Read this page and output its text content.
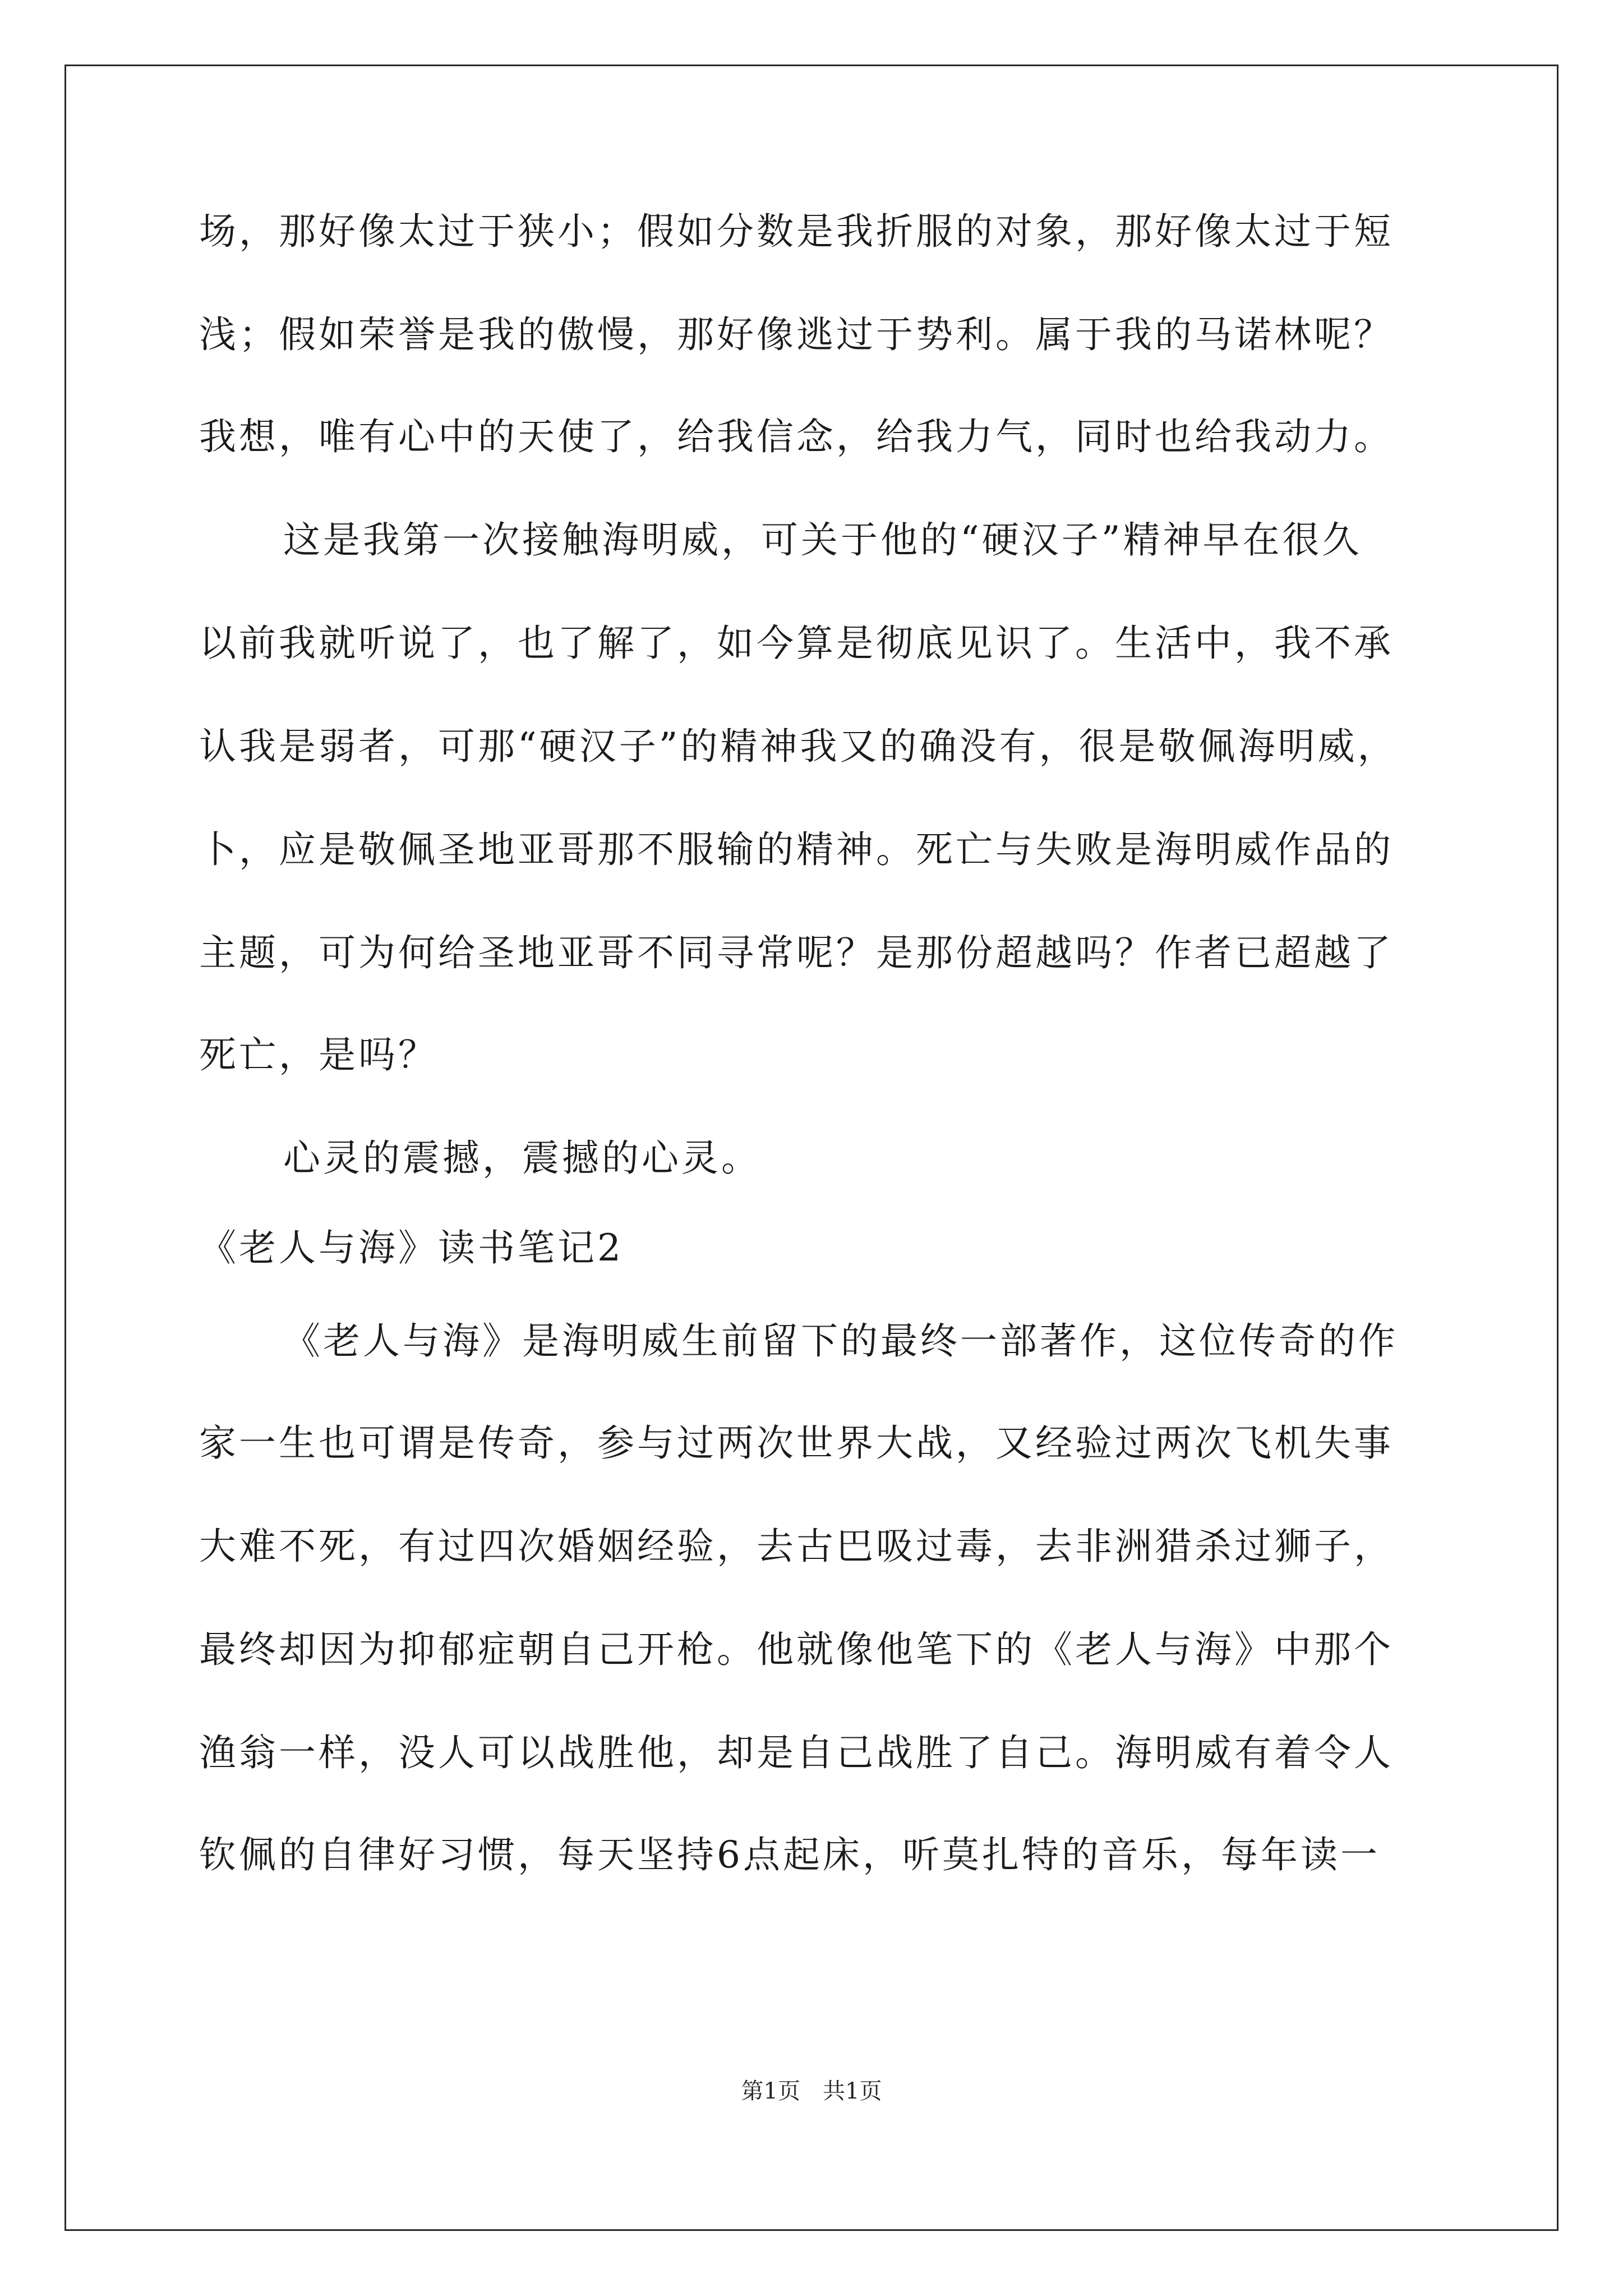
场，那好像太过于狭小；假如分数是我折服的对象，那好像太过于短
浅；假如荣誉是我的傲慢，那好像逃过于势利。属于我的马诺林呢？
我想，唯有心中的天使了，给我信念，给我力气，同时也给我动力。
这是我第一次接触海明威，可关于他的“硬汉子”精神早在很久
以前我就听说了，也了解了，如今算是彻底见识了。生活中，我不承
认我是弱者，可那“硬汉子”的精神我又的确没有，很是敬佩海明威，
卜，应是敬佩圣地亚哥那不服输的精神。死亡与失败是海明威作品的
主题，可为何给圣地亚哥不同寻常呢？是那份超越吗？作者已超越了
死亡，是吗？
心灵的震撼，震撼的心灵。
《老人与海》读书笔记2
《老人与海》是海明威生前留下的最终一部著作，这位传奇的作
家一生也可谓是传奇，参与过两次世界大战，又经验过两次飞机失事
大难不死，有过四次婚姻经验，去古巴吸过毒，去非洲猎杀过狮子，
最终却因为抑郁症朝自己开枪。他就像他笔下的《老人与海》中那个
渔翁一样，没人可以战胜他，却是自己战胜了自己。海明威有着令人
钦佩的自律好习惯，每天坚持6点起床，听莫扎特的音乐，每年读一
第1页　共1页
